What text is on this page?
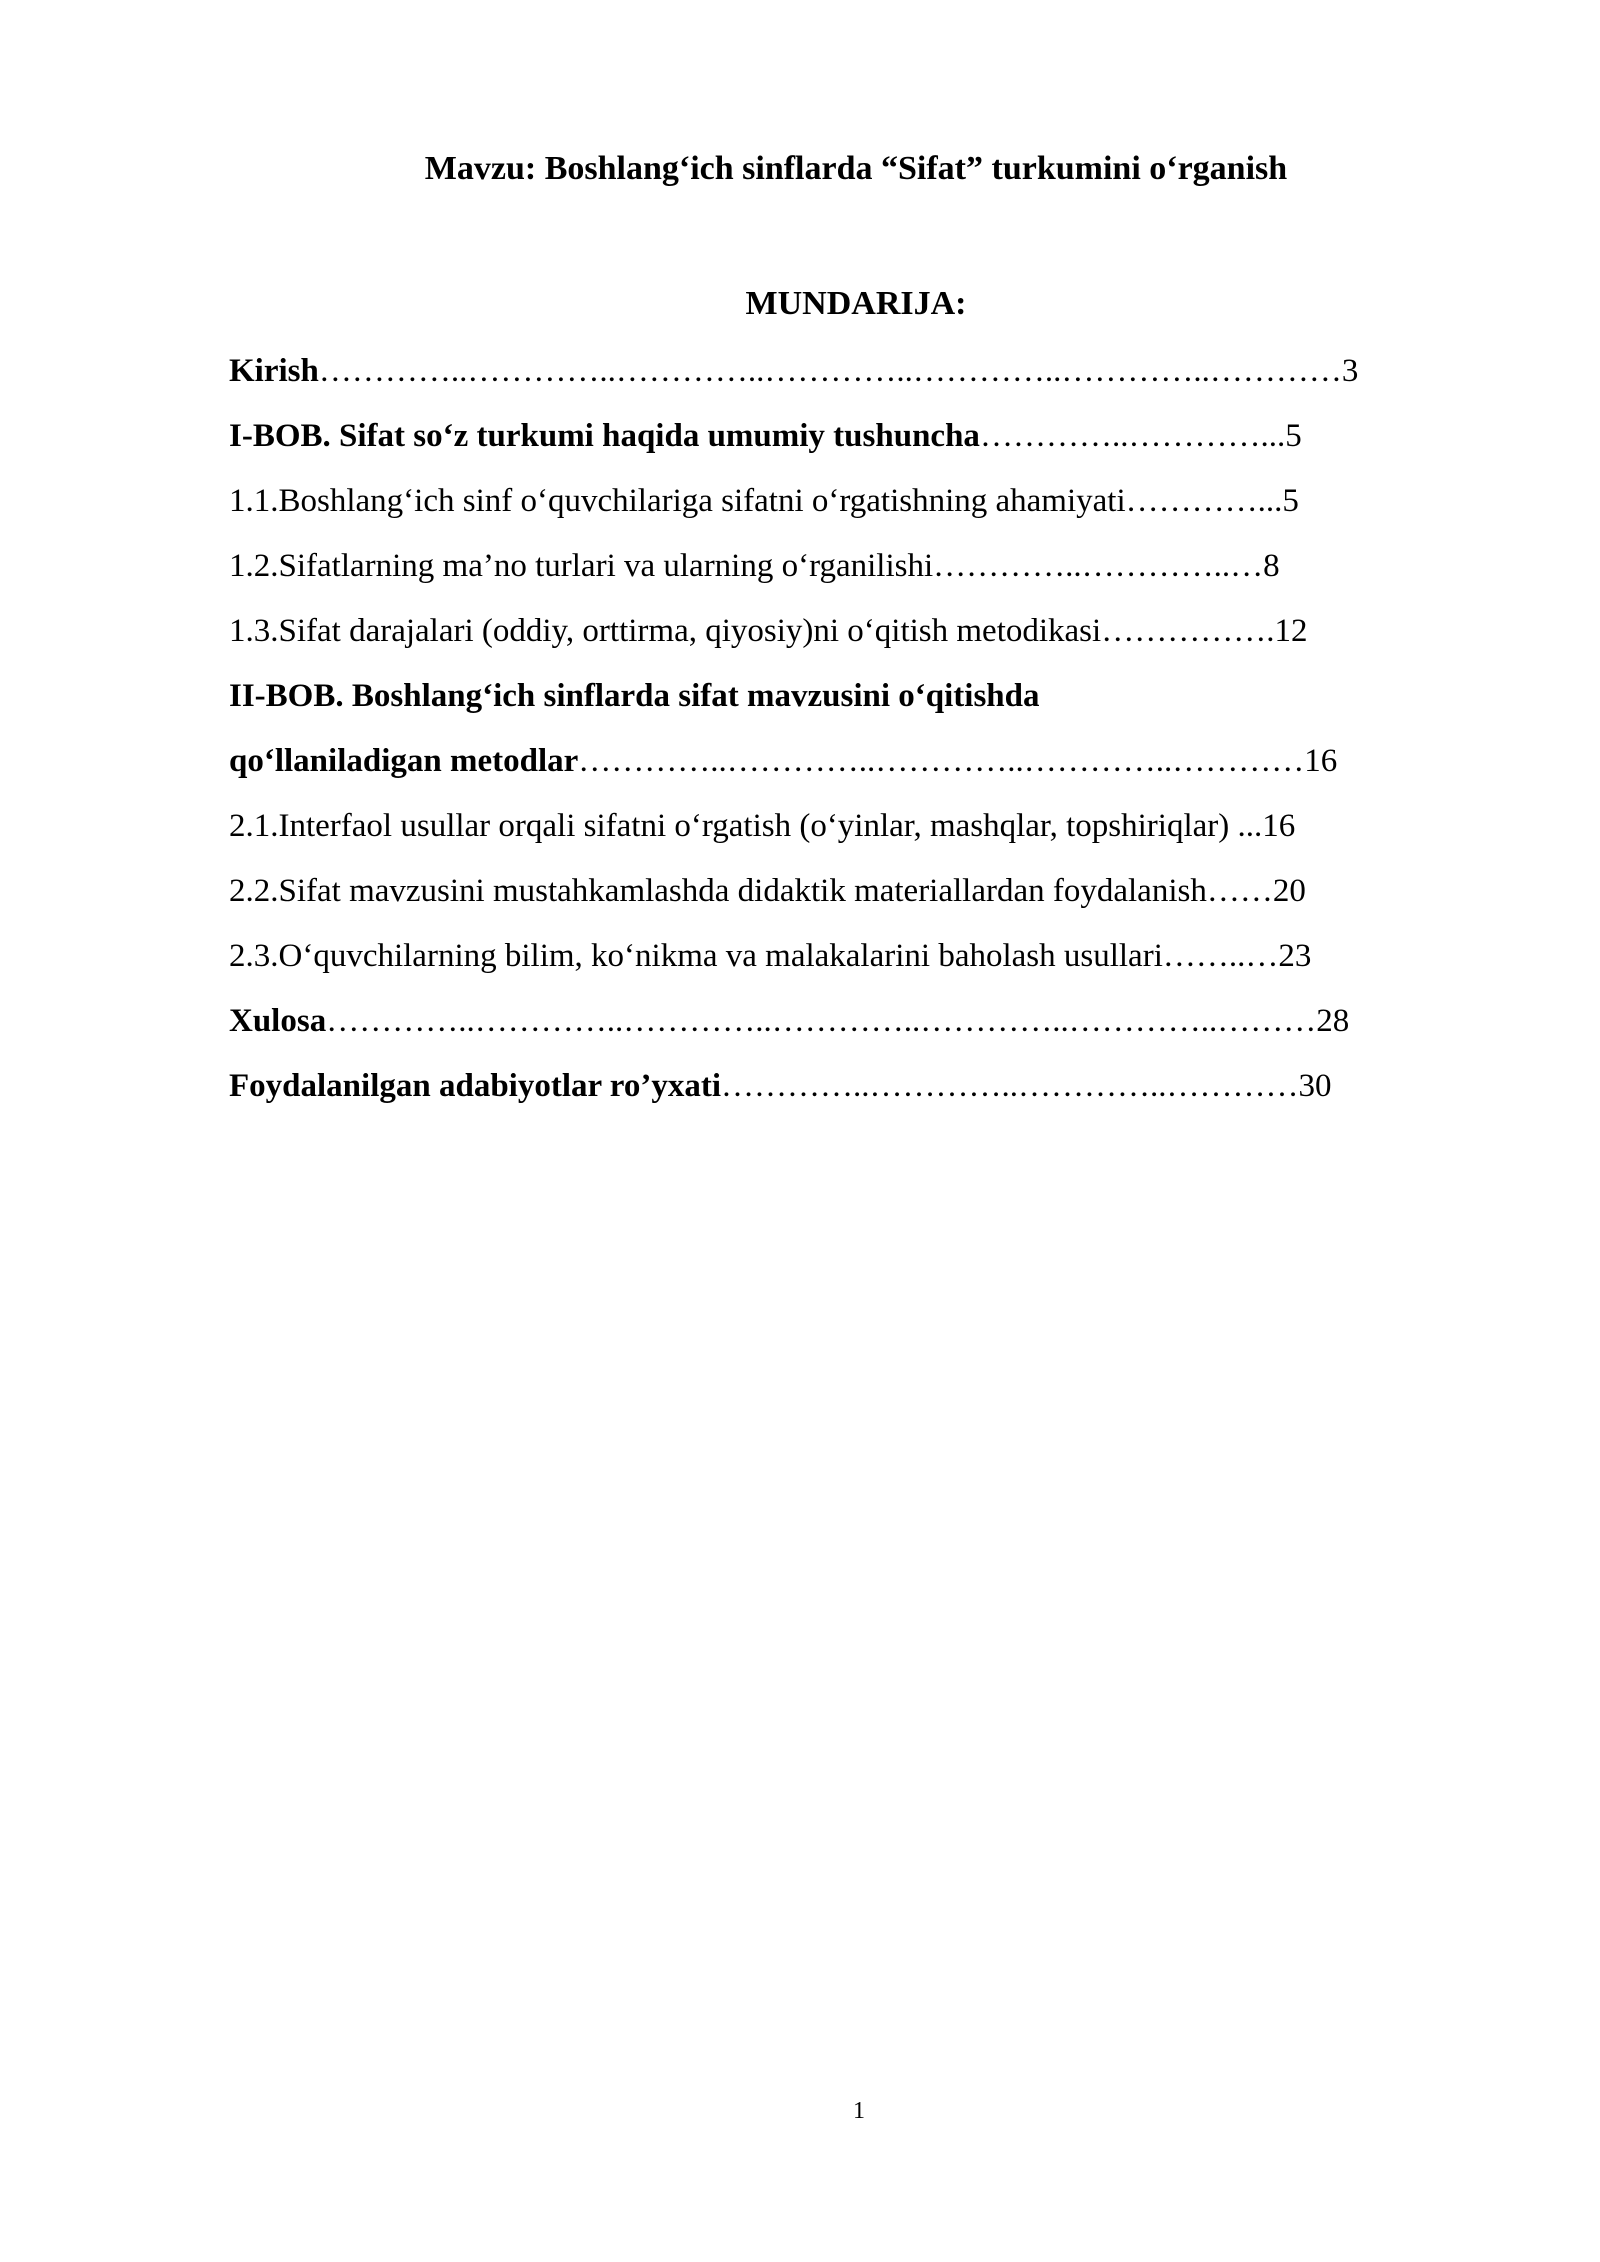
Mavzu: Boshlang‘ich sinflarda “Sifat” turkumini o‘rganish
MUNDARIJA:
Kirish…………..…………..…………..…………..…………..…………..…………3
I-BOB. Sifat so‘z turkumi haqida umumiy tushuncha…………..…………...5
1.1.Boshlang‘ich sinf o‘quvchilariga sifatni o‘rgatishning ahamiyati…………...5
1.2.Sifatlarning ma’no turlari va ularning o‘rganilishi…………..…………..…8
1.3.Sifat darajalari (oddiy, orttirma, qiyosiy)ni o‘qitish metodikasi…………….12
II-BOB. Boshlang‘ich sinflarda sifat mavzusini o‘qitishda
qo‘llaniladigan metodlar…………..…………..…………..…………..…………16
2.1.Interfaol usullar orqali sifatni o‘rgatish (o‘yinlar, mashqlar, topshiriqlar) ...16
2.2.Sifat mavzusini mustahkamlashda didaktik materiallardan foydalanish……20
2.3.O‘quvchilarning bilim, ko‘nikma va malakalarini baholash usullari……..…23
Xulosa…………..…………..…………..…………..…………..…………..………28
Foydalanilgan adabiyotlar ro’yxati…………..…………..…………..…………30
1
